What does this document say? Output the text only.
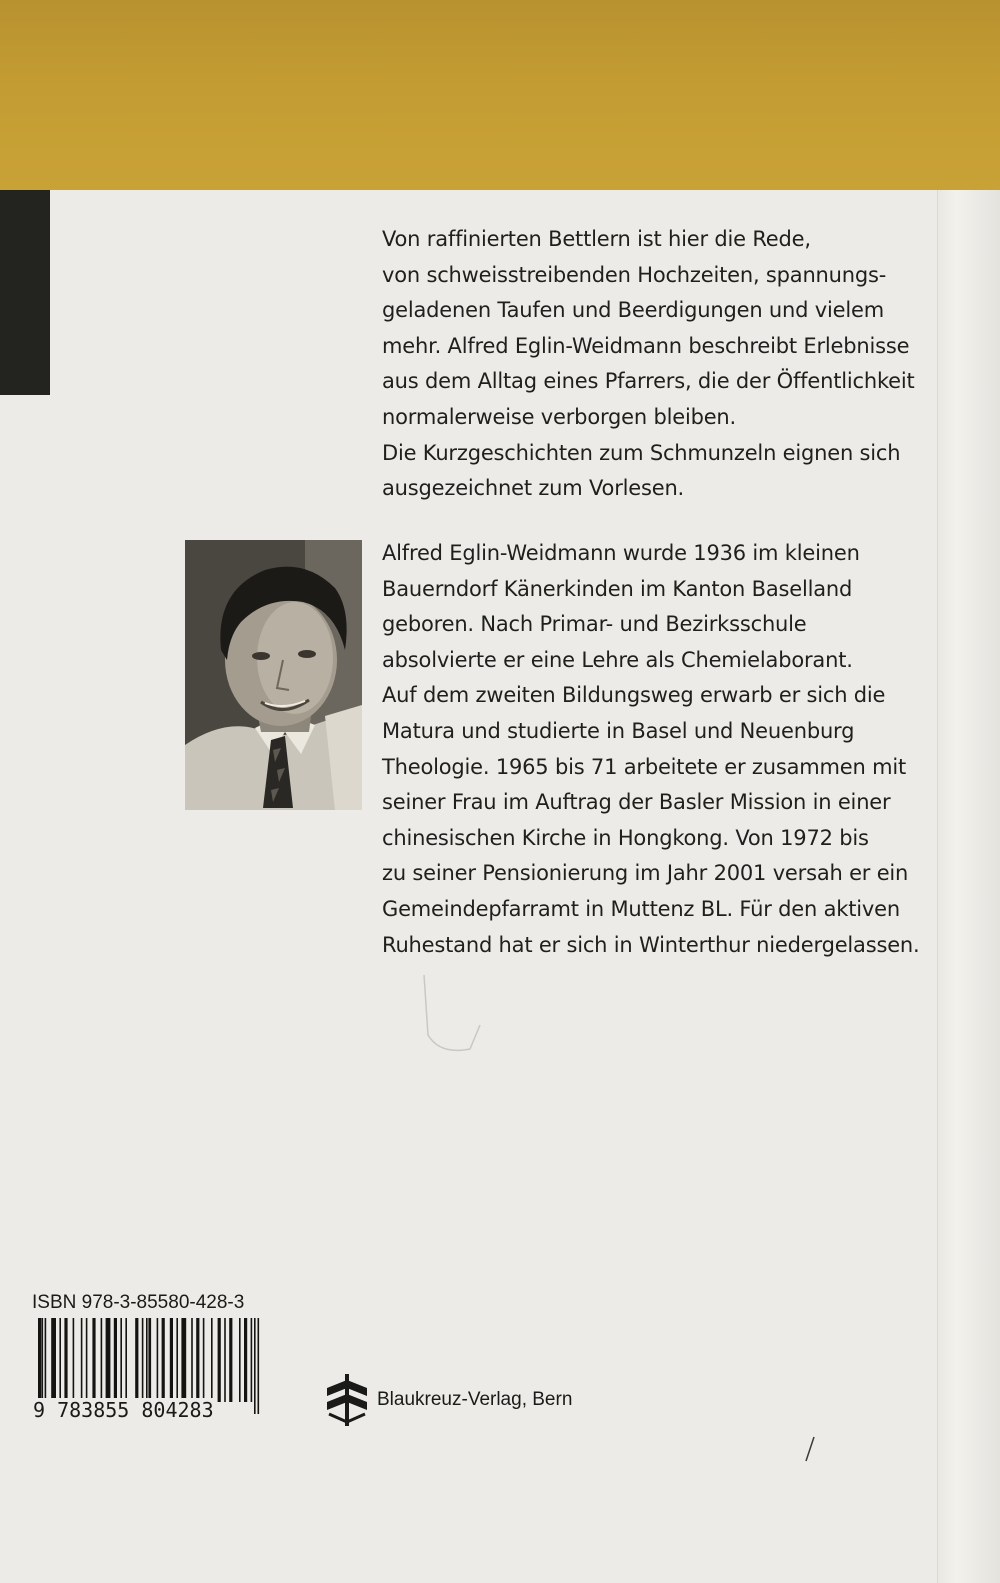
Von raffinierten Bettlern ist hier die Rede,
von schweisstreibenden Hochzeiten, spannungs-
geladenen Taufen und Beerdigungen und vielem
mehr. Alfred Eglin-Weidmann beschreibt Erlebnisse
aus dem Alltag eines Pfarrers, die der Öffentlichkeit
normalerweise verborgen bleiben.
Die Kurzgeschichten zum Schmunzeln eignen sich
ausgezeichnet zum Vorlesen.
Alfred Eglin-Weidmann wurde 1936 im kleinen
Bauerndorf Känerkinden im Kanton Baselland
geboren. Nach Primar- und Bezirksschule
absolvierte er eine Lehre als Chemielaborant.
Auf dem zweiten Bildungsweg erwarb er sich die
Matura und studierte in Basel und Neuenburg
Theologie. 1965 bis 71 arbeitete er zusammen mit
seiner Frau im Auftrag der Basler Mission in einer
chinesischen Kirche in Hongkong. Von 1972 bis
zu seiner Pensionierung im Jahr 2001 versah er ein
Gemeindepfarramt in Muttenz BL. Für den aktiven
Ruhestand hat er sich in Winterthur niedergelassen.
ISBN 978-3-85580-428-3
9 783855 804283	Blaukreuz-Verlag, Bern
